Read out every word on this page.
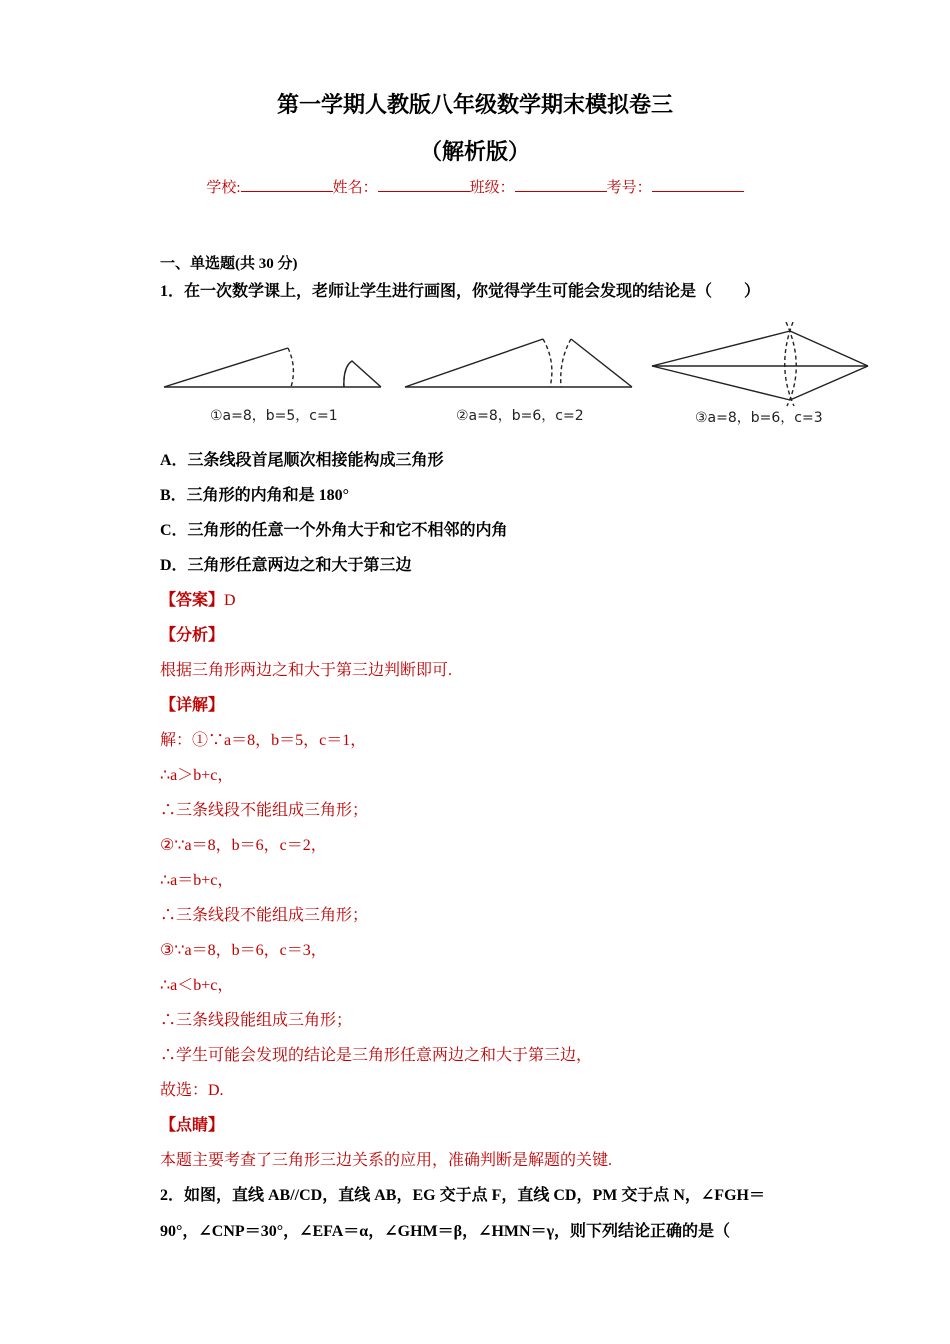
第一学期人教版八年级数学期末模拟卷三
（解析版）
学校:	姓名：	班级：	考号：
一、单选题(共 30 分)
1．在一次数学课上，老师让学生进行画图，你觉得学生可能会发现的结论是（　　）
①a=8，b=5，c=1	②a=8，b=6，c=2	③a=8，b=6，c=3
A．三条线段首尾顺次相接能构成三角形
B．三角形的内角和是 180°
C．三角形的任意一个外角大于和它不相邻的内角
D．三角形任意两边之和大于第三边
【答案】D
【分析】
根据三角形两边之和大于第三边判断即可.
【详解】
解：①∵a＝8，b＝5，c＝1，
∴a＞b+c，
∴三条线段不能组成三角形；
②∵a＝8，b＝6，c＝2，
∴a＝b+c，
∴三条线段不能组成三角形；
③∵a＝8，b＝6，c＝3，
∴a＜b+c，
∴三条线段能组成三角形；
∴学生可能会发现的结论是三角形任意两边之和大于第三边，
故选：D.
【点睛】
本题主要考查了三角形三边关系的应用，准确判断是解题的关键.
2．如图，直线 AB//CD，直线 AB，EG 交于点 F，直线 CD，PM 交于点 N，∠FGH＝
90°，∠CNP＝30°，∠EFA＝α，∠GHM＝β，∠HMN＝γ，则下列结论正确的是（
